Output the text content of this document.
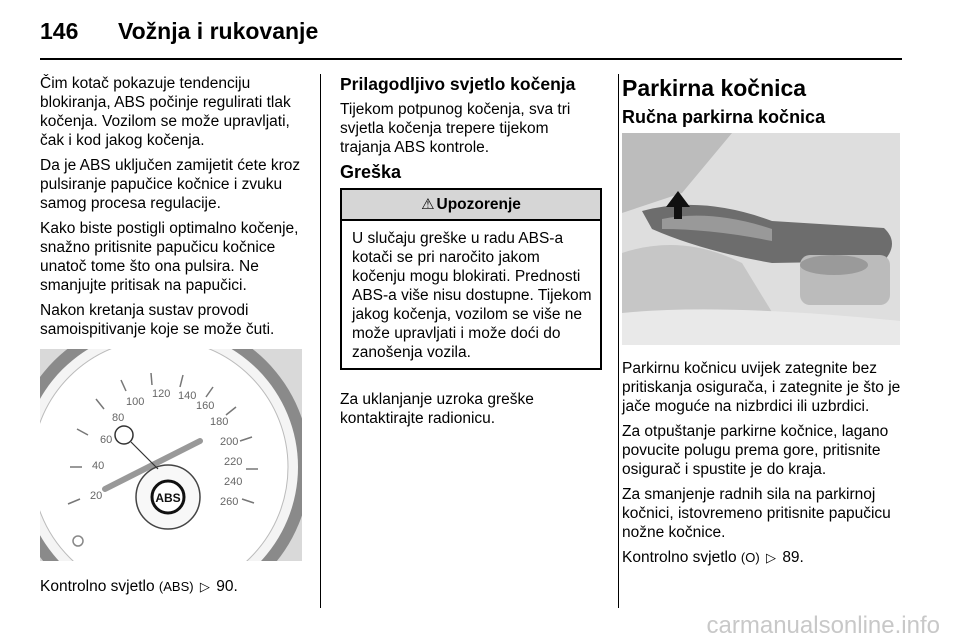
146 Vožnja i rukovanje

Čim kotač pokazuje tendenciju blokiranja, ABS počinje regulirati tlak kočenja. Vozilom se može upravljati, čak i kod jakog kočenja.

Da je ABS uključen zamijetit ćete kroz pulsiranje papučice kočnice i zvuku samog procesa regulacije.

Kako biste postigli optimalno kočenje, snažno pritisnite papučicu kočnice unatoč tome što ona pulsira. Ne smanjujte pritisak na papučici.

Nakon kretanja sustav provodi samoispitivanje koje se može čuti.

20
40
60
80
100
120 140
160
180
200
220
240
260
ABS

Kontrolno svjetlo (ABS) ▷ 90.

Prilagodljivo svjetlo kočenja

Tijekom potpunog kočenja, sva tri svjetla kočenja trepere tijekom trajanja ABS kontrole.

Greška

⚠ Upozorenje
U slučaju greške u radu ABS-a kotači se pri naročito jakom kočenju mogu blokirati. Prednosti ABS-a više nisu dostupne. Tijekom jakog kočenja, vozilom se više ne može upravljati i može doći do zanošenja vozila.

Za uklanjanje uzroka greške kontaktirajte radionicu.

Parkirna kočnica

Ručna parkirna kočnica

Parkirnu kočnicu uvijek zategnite bez pritiskanja osigurača, i zategnite je što je jače moguće na nizbrdici ili uzbrdici.

Za otpuštanje parkirne kočnice, lagano povucite polugu prema gore, pritisnite osigurač i spustite je do kraja.

Za smanjenje radnih sila na parkirnoj kočnici, istovremeno pritisnite papučicu nožne kočnice.

Kontrolno svjetlo (O) ▷ 89.

carmanualsonline.info
